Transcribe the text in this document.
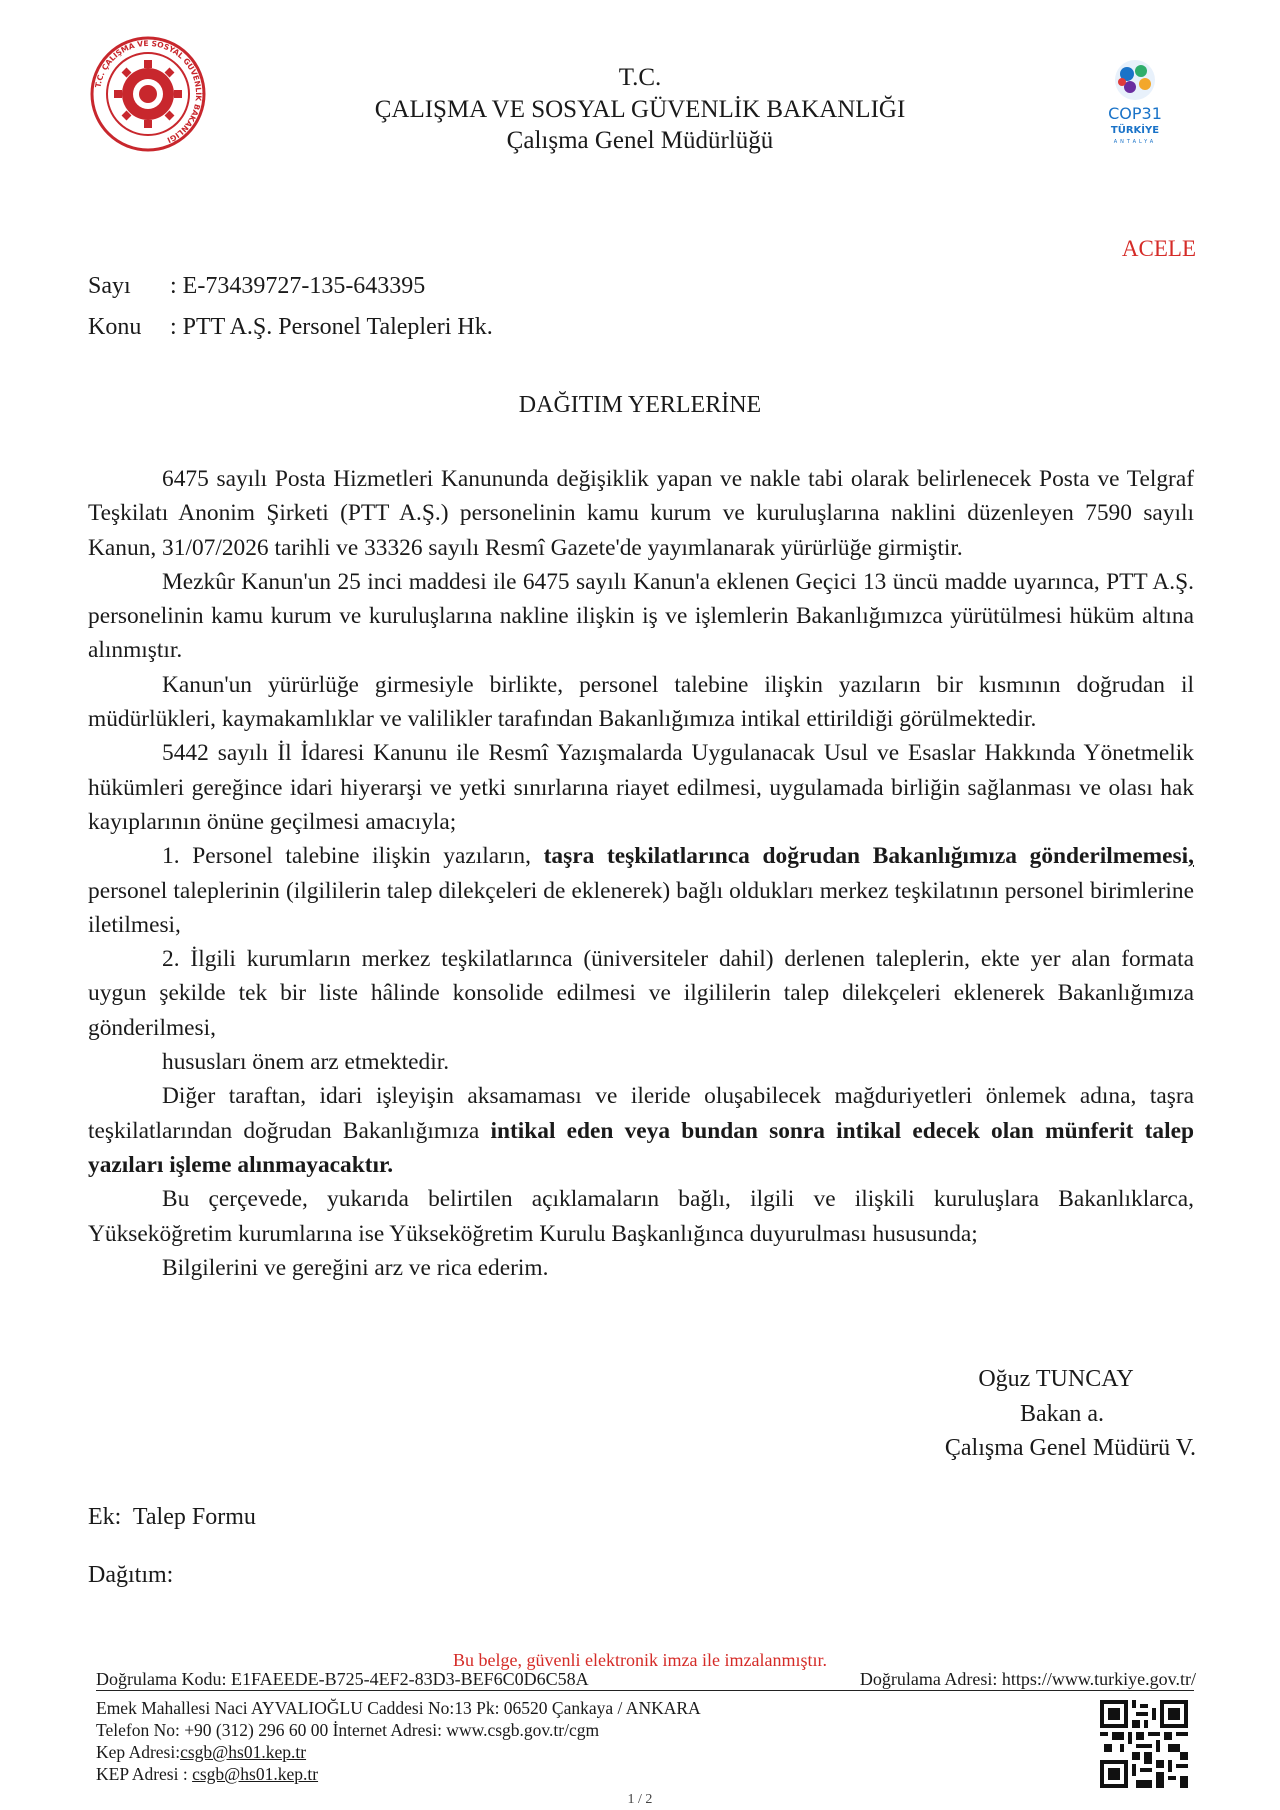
T.C. ÇALIŞMA VE SOSYAL GÜVENLİK BAKANLIĞI
COP31
TÜRKİYE
ANTALYA
T.C.
ÇALIŞMA VE SOSYAL GÜVENLİK BAKANLIĞI
Çalışma Genel Müdürlüğü
ACELE
Sayı : E-73439727-135-643395
Konu : PTT A.Ş. Personel Talepleri Hk.
DAĞITIM YERLERİNE

6475 sayılı Posta Hizmetleri Kanununda değişiklik yapan ve nakle tabi olarak belirlenecek Posta ve Telgraf Teşkilatı Anonim Şirketi (PTT A.Ş.) personelinin kamu kurum ve kuruluşlarına naklini düzenleyen 7590 sayılı Kanun, 31/07/2026 tarihli ve 33326 sayılı Resmî Gazete'de yayımlanarak yürürlüğe girmiştir.

Mezkûr Kanun'un 25 inci maddesi ile 6475 sayılı Kanun'a eklenen Geçici 13 üncü madde uyarınca, PTT A.Ş. personelinin kamu kurum ve kuruluşlarına nakline ilişkin iş ve işlemlerin Bakanlığımızca yürütülmesi hüküm altına alınmıştır.

Kanun'un yürürlüğe girmesiyle birlikte, personel talebine ilişkin yazıların bir kısmının doğrudan il müdürlükleri, kaymakamlıklar ve valilikler tarafından Bakanlığımıza intikal ettirildiği görülmektedir.

5442 sayılı İl İdaresi Kanunu ile Resmî Yazışmalarda Uygulanacak Usul ve Esaslar Hakkında Yönetmelik hükümleri gereğince idari hiyerarşi ve yetki sınırlarına riayet edilmesi, uygulamada birliğin sağlanması ve olası hak kayıplarının önüne geçilmesi amacıyla;

1. Personel talebine ilişkin yazıların, taşra teşkilatlarınca doğrudan Bakanlığımıza gönderilmemesi, personel taleplerinin (ilgililerin talep dilekçeleri de eklenerek) bağlı oldukları merkez teşkilatının personel birimlerine iletilmesi,

2. İlgili kurumların merkez teşkilatlarınca (üniversiteler dahil) derlenen taleplerin, ekte yer alan formata uygun şekilde tek bir liste hâlinde konsolide edilmesi ve ilgililerin talep dilekçeleri eklenerek Bakanlığımıza gönderilmesi,

hususları önem arz etmektedir.

Diğer taraftan, idari işleyişin aksamaması ve ileride oluşabilecek mağduriyetleri önlemek adına, taşra teşkilatlarından doğrudan Bakanlığımıza intikal eden veya bundan sonra intikal edecek olan münferit talep yazıları işleme alınmayacaktır.

Bu çerçevede, yukarıda belirtilen açıklamaların bağlı, ilgili ve ilişkili kuruluşlara Bakanlıklarca, Yükseköğretim kurumlarına ise Yükseköğretim Kurulu Başkanlığınca duyurulması hususunda;

Bilgilerini ve gereğini arz ve rica ederim.

Oğuz TUNCAY
Bakan a.
Çalışma Genel Müdürü V.
Ek:  Talep Formu
Dağıtım:
Bu belge, güvenli elektronik imza ile imzalanmıştır.
Doğrulama Kodu: E1FAEEDE-B725-4EF2-83D3-BEF6C0D6C58A	Doğrulama Adresi: https://www.turkiye.gov.tr/
Emek Mahallesi Naci AYVALIOĞLU Caddesi No:13 Pk: 06520 Çankaya / ANKARA
Telefon No: +90 (312) 296 60 00 İnternet Adresi: www.csgb.gov.tr/cgm
Kep Adresi:csgb@hs01.kep.tr
KEP Adresi : csgb@hs01.kep.tr
1 / 2
